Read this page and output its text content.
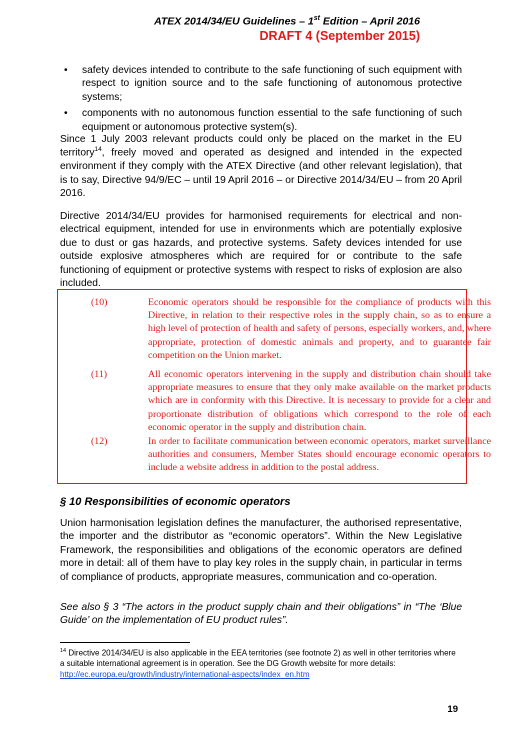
ATEX 2014/34/EU Guidelines – 1st Edition – April 2016
DRAFT 4 (September 2015)
• safety devices intended to contribute to the safe functioning of such equipment with respect to ignition source and to the safe functioning of autonomous protective systems;
• components with no autonomous function essential to the safe functioning of such equipment or autonomous protective system(s).

Since 1 July 2003 relevant products could only be placed on the market in the EU territory$^{14}$, freely moved and operated as designed and intended in the expected environment if they comply with the ATEX Directive (and other relevant legislation), that is to say, Directive 94/9/EC – until 19 April 2016 – or Directive 2014/34/EU – from 20 April 2016.

Directive 2014/34/EU provides for harmonised requirements for electrical and non-electrical equipment, intended for use in environments which are potentially explosive due to dust or gas hazards, and protective systems. Safety devices intended for use outside explosive atmospheres which are required for or contribute to the safe functioning of equipment or protective systems with respect to risks of explosion are also included.

(10)	Economic operators should be responsible for the compliance of products with this Directive, in relation to their respective roles in the supply chain, so as to ensure a high level of protection of health and safety of persons, especially workers, and, where appropriate, protection of domestic animals and property, and to guarantee fair competition on the Union market.
(11)	All economic operators intervening in the supply and distribution chain should take appropriate measures to ensure that they only make available on the market products which are in conformity with this Directive. It is necessary to provide for a clear and proportionate distribution of obligations which correspond to the role of each economic operator in the supply and distribution chain.
(12)	In order to facilitate communication between economic operators, market surveillance authorities and consumers, Member States should encourage economic operators to include a website address in addition to the postal address.
§ 10 Responsibilities of economic operators

Union harmonisation legislation defines the manufacturer, the authorised representative, the importer and the distributor as “economic operators”. Within the New Legislative Framework, the responsibilities and obligations of the economic operators are defined more in detail: all of them have to play key roles in the supply chain, in particular in terms of compliance of products, appropriate measures, communication and co-operation.

See also § 3 “The actors in the product supply chain and their obligations” in “The ‘Blue Guide’ on the implementation of EU product rules”.
$^{14}$ Directive 2014/34/EU is also applicable in the EEA territories (see footnote 2) as well in other territories where a suitable international agreement is in operation. See the DG Growth website for more details: http://ec.europa.eu/growth/industry/international-aspects/index_en.htm
19
